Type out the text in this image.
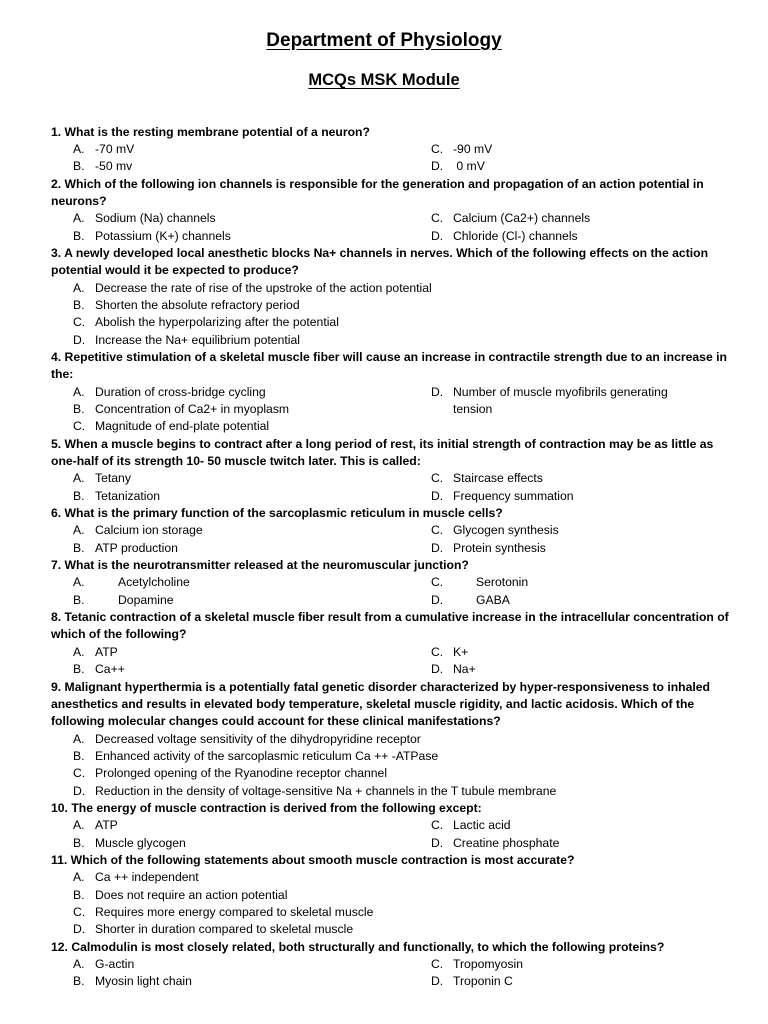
Department of Physiology
MCQs MSK Module
1. What is the resting membrane potential of a neuron?
A. -70 mV
B. -50 mv
C. -90 mV
D. 0 mV
2. Which of the following ion channels is responsible for the generation and propagation of an action potential in neurons?
A. Sodium (Na) channels
B. Potassium (K+) channels
C. Calcium (Ca2+) channels
D. Chloride (Cl-) channels
3. A newly developed local anesthetic blocks Na+ channels in nerves. Which of the following effects on the action potential would it be expected to produce?
A. Decrease the rate of rise of the upstroke of the action potential
B. Shorten the absolute refractory period
C. Abolish the hyperpolarizing after the potential
D. Increase the Na+ equilibrium potential
4. Repetitive stimulation of a skeletal muscle fiber will cause an increase in contractile strength due to an increase in the:
A. Duration of cross-bridge cycling
B. Concentration of Ca2+ in myoplasm
C. Magnitude of end-plate potential
D. Number of muscle myofibrils generating tension
5. When a muscle begins to contract after a long period of rest, its initial strength of contraction may be as little as one-half of its strength 10- 50 muscle twitch later. This is called:
A. Tetany
B. Tetanization
C. Staircase effects
D. Frequency summation
6. What is the primary function of the sarcoplasmic reticulum in muscle cells?
A. Calcium ion storage
B. ATP production
C. Glycogen synthesis
D. Protein synthesis
7. What is the neurotransmitter released at the neuromuscular junction?
A.	Acetylcholine
B.	Dopamine
C.	Serotonin
D.	GABA
8. Tetanic contraction of a skeletal muscle fiber result from a cumulative increase in the intracellular concentration of which of the following?
A. ATP
B. Ca++
C. K+
D. Na+
9. Malignant hyperthermia is a potentially fatal genetic disorder characterized by hyper-responsiveness to inhaled anesthetics and results in elevated body temperature, skeletal muscle rigidity, and lactic acidosis. Which of the following molecular changes could account for these clinical manifestations?
A. Decreased voltage sensitivity of the dihydropyridine receptor
B. Enhanced activity of the sarcoplasmic reticulum Ca ++ -ATPase
C. Prolonged opening of the Ryanodine receptor channel
D. Reduction in the density of voltage-sensitive Na + channels in the T tubule membrane
10. The energy of muscle contraction is derived from the following except:
A. ATP
B. Muscle glycogen
C. Lactic acid
D. Creatine phosphate
11. Which of the following statements about smooth muscle contraction is most accurate?
A. Ca ++ independent
B. Does not require an action potential
C. Requires more energy compared to skeletal muscle
D. Shorter in duration compared to skeletal muscle
12. Calmodulin is most closely related, both structurally and functionally, to which the following proteins?
A. G-actin
B. Myosin light chain
C. Tropomyosin
D. Troponin C
